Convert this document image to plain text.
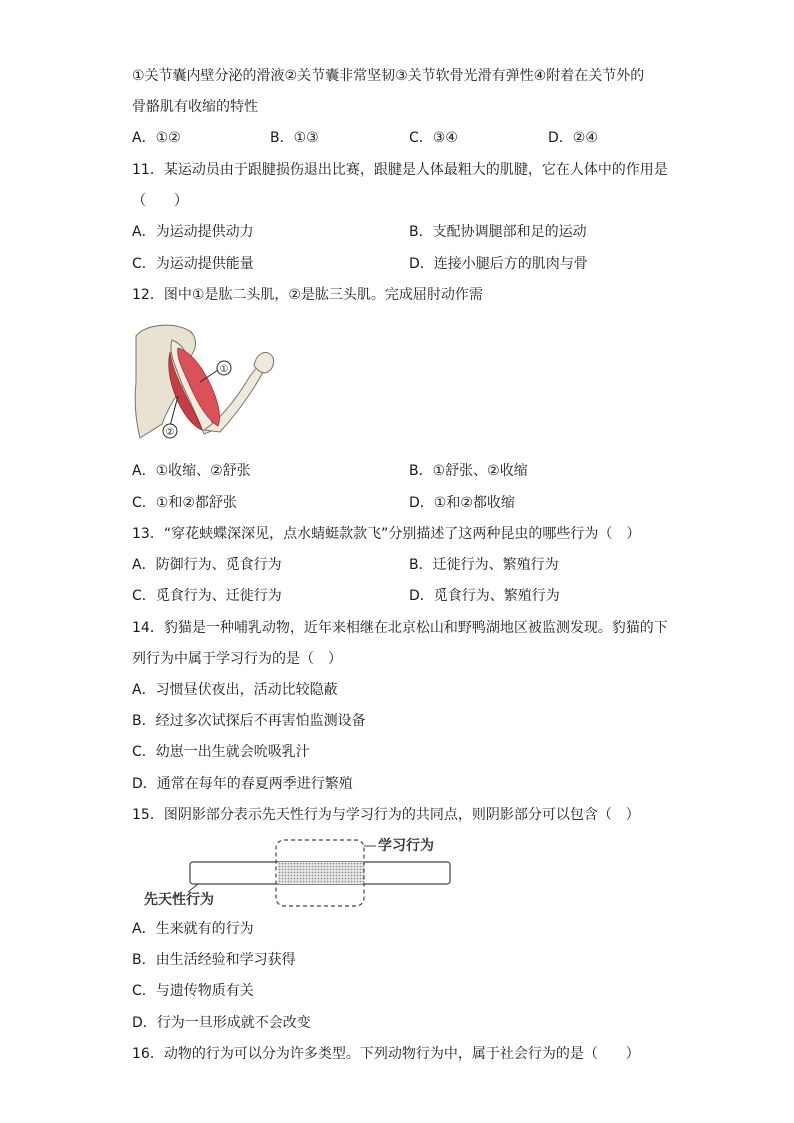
①关节囊内壁分泌的滑液②关节囊非常坚韧③关节软骨光滑有弹性④附着在关节外的
骨骼肌有收缩的特性
A．①②	B．①③	C．③④	D．②④
11．某运动员由于跟腱损伤退出比赛，跟腱是人体最粗大的肌腱，它在人体中的作用是
（　　）
A．为运动提供动力	B．支配协调腿部和足的运动
C．为运动提供能量	D．连接小腿后方的肌肉与骨
12．图中①是肱二头肌，②是肱三头肌。完成屈肘动作需
①
②
A．①收缩、②舒张	B．①舒张、②收缩
C．①和②都舒张	D．①和②都收缩
13．“穿花蛱蝶深深见，点水蜻蜓款款飞”分别描述了这两种昆虫的哪些行为（　）
A．防御行为、觅食行为	B．迁徙行为、繁殖行为
C．觅食行为、迁徙行为	D．觅食行为、繁殖行为
14．豹猫是一种哺乳动物，近年来相继在北京松山和野鸭湖地区被监测发现。豹猫的下
列行为中属于学习行为的是（　）
A．习惯昼伏夜出，活动比较隐蔽
B．经过多次试探后不再害怕监测设备
C．幼崽一出生就会吮吸乳汁
D．通常在每年的春夏两季进行繁殖
15．图阴影部分表示先天性行为与学习行为的共同点，则阴影部分可以包含（　）
学习行为
先天性行为
A．生来就有的行为
B．由生活经验和学习获得
C．与遗传物质有关
D．行为一旦形成就不会改变
16．动物的行为可以分为许多类型。下列动物行为中，属于社会行为的是（　　）
